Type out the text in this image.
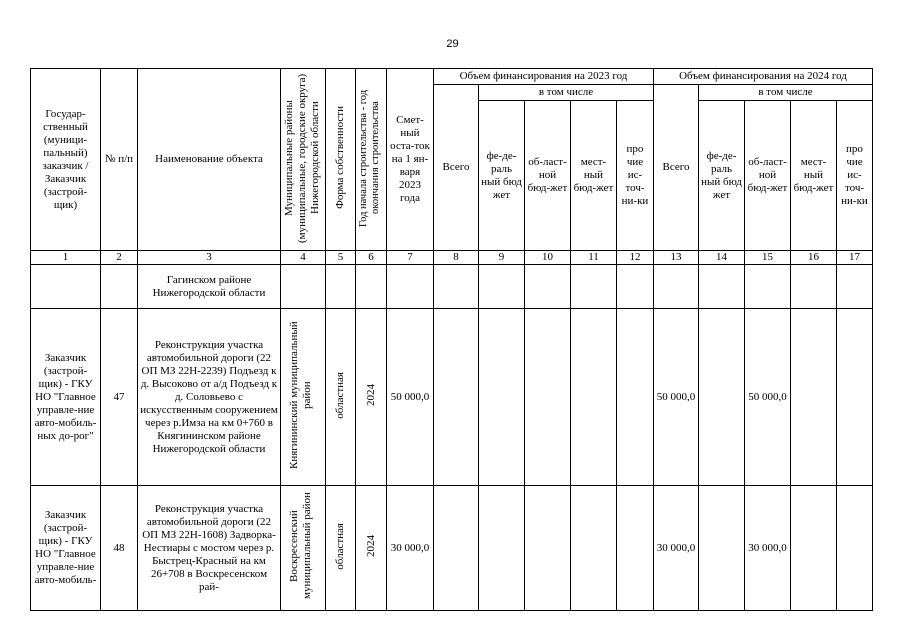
29
Государ-ственный (муници-пальный) заказчик / Заказчик (застрой-щик)	№ п/п	Наименование объекта	Муниципальные районы (муниципальные, городские округа) Нижегородской области	Форма собственности	Год начала строительства - год окончания строительства	Смет-ный оста-ток на 1 ян-варя 2023 года	Объем финансирования на 2023 год					Объем финансирования на 2024 год				
							Всего	в том числе				Всего	в том числе			
								фе-де-раль ный бюд жет	об-ласт-ной бюд-жет	мест-ный бюд-жет	про чие ис-точ-ни-ки		фе-де-раль ный бюд жет	об-ласт-ной бюд-жет	мест-ный бюд-жет	про чие ис-точ-ни-ки
1	2	3	4	5	6	7	8	9	10	11	12	13	14	15	16	17
		Гагинском районе Нижегородской области														
Заказчик (застрой-щик) - ГКУ НО "Главное управле-ние авто-мобиль-ных до-рог"	47	Реконструкция участка автомобильной дороги (22 ОП МЗ 22Н-2239) Подъезд к д. Высоково от а/д Подъезд к д. Соловьево с искусственным сооружением через р.Имза на км 0+760 в Княгининском районе Нижегородской области	Княгининский муниципальный район	областная	2024	50 000,0						50 000,0		50 000,0		
Заказчик (застрой-щик) - ГКУ НО "Главное управле-ние авто-мобиль-	48	Реконструкция участка автомобильной дороги (22 ОП МЗ 22Н-1608) Задворка-Нестиары с мостом через р. Быстрец-Красный на км 26+708 в Воскресенском рай-	Воскресенский муниципальный район	областная	2024	30 000,0						30 000,0		30 000,0		
